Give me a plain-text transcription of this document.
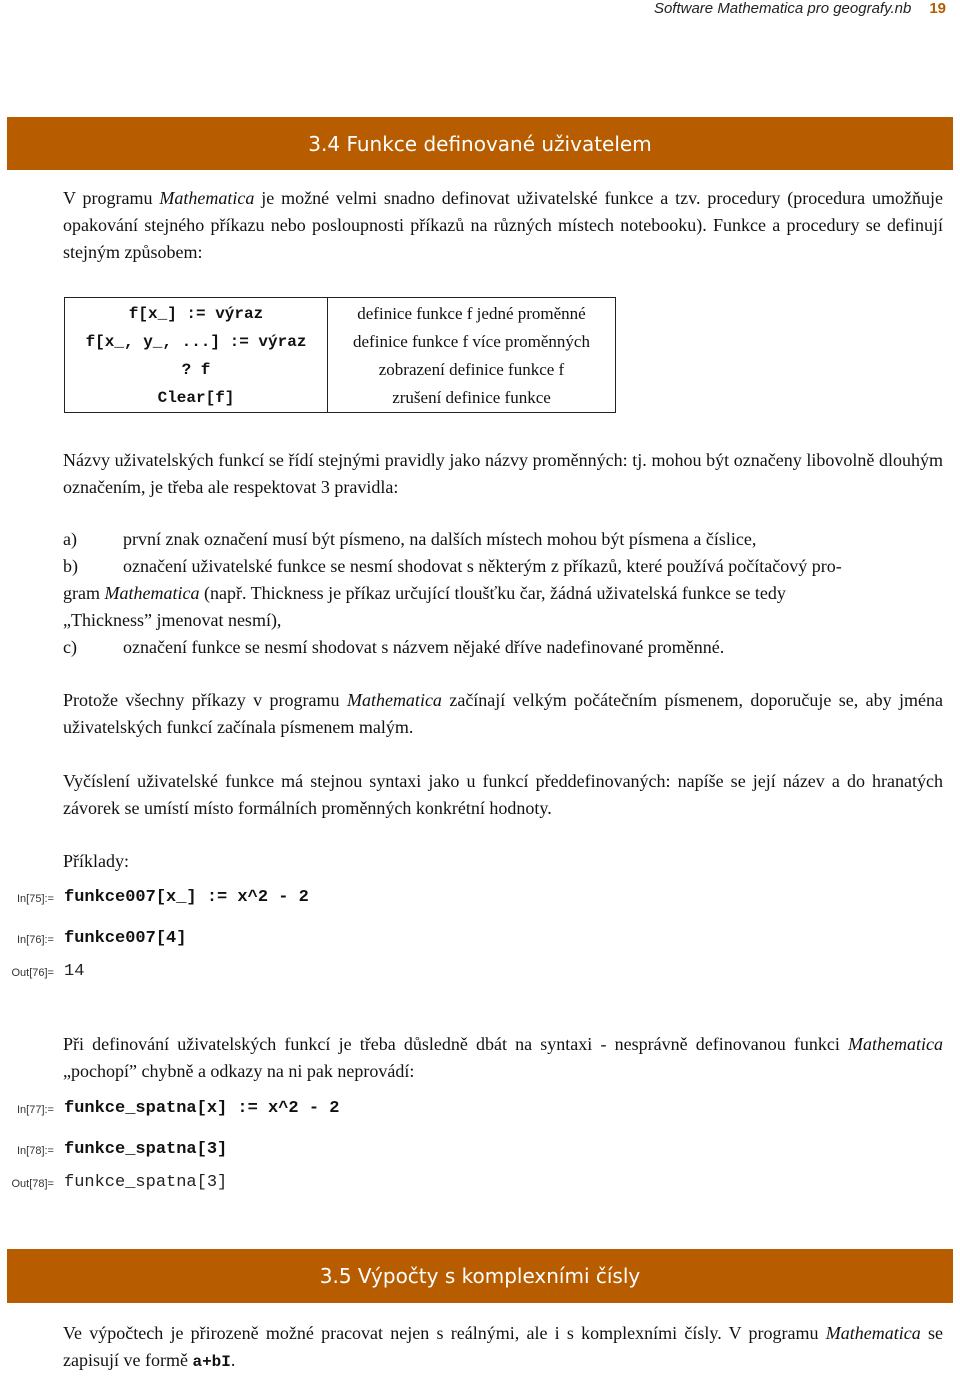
Software Mathematica pro geografy.nb 19
3.4 Funkce definované uživatelem
V programu Mathematica je možné velmi snadno definovat uživatelské funkce a tzv. procedury (procedura umožňuje opakování stejného příkazu nebo posloupnosti příkazů na různých místech notebooku). Funkce a procedury se definují stejným způsobem:
f[x_] := výraz	definice funkce f jedné proměnné
f[x_, y_, ...] := výraz	definice funkce f více proměnných
? f	zobrazení definice funkce f
Clear[f]	zrušení definice funkce
Názvy uživatelských funkcí se řídí stejnými pravidly jako názvy proměnných: tj. mohou být označeny libovolně dlouhým označením, je třeba ale respektovat 3 pravidla:
a)	první znak označení musí být písmeno, na dalších místech mohou být písmena a číslice,
b)	označení uživatelské funkce se nesmí shodovat s některým z příkazů, které používá počítačový pro-
gram Mathematica (např. Thickness je příkaz určující tloušťku čar, žádná uživatelská funkce se tedy
„Thickness” jmenovat nesmí),
c)	označení funkce se nesmí shodovat s názvem nějaké dříve nadefinované proměnné.
Protože všechny příkazy v programu Mathematica začínají velkým počátečním písmenem, doporučuje se, aby jména uživatelských funkcí začínala písmenem malým.
Vyčíslení uživatelské funkce má stejnou syntaxi jako u funkcí předdefinovaných: napíše se její název a do hranatých závorek se umístí místo formálních proměnných konkrétní hodnoty.
Příklady:
In[75]:= funkce007[x_] := x^2 - 2
In[76]:= funkce007[4]
Out[76]= 14
Při definování uživatelských funkcí je třeba důsledně dbát na syntaxi - nesprávně definovanou funkci Mathematica „pochopí” chybně a odkazy na ni pak neprovádí:
In[77]:= funkce_spatna[x] := x^2 - 2
In[78]:= funkce_spatna[3]
Out[78]= funkce_spatna[3]
3.5 Výpočty s komplexními čísly
Ve výpočtech je přirozeně možné pracovat nejen s reálnými, ale i s komplexními čísly. V programu Mathematica se zapisují ve formě a+bI.
